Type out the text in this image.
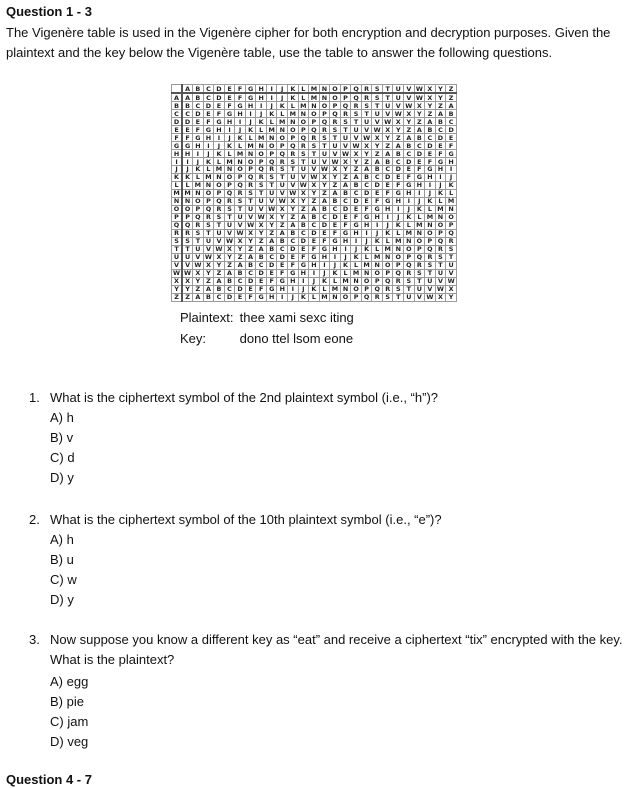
Question 1 - 3
The Vigenère table is used in the Vigenère cipher for both encryption and decryption purposes. Given the plaintext and the key below the Vigenère table, use the table to answer the following questions.
	A	B	C	D	E	F	G	H	I	J	K	L	M	N	O	P	Q	R	S	T	U	V	W	X	Y	Z
A	A	B	C	D	E	F	G	H	I	J	K	L	M	N	O	P	Q	R	S	T	U	V	W	X	Y	Z
B	B	C	D	E	F	G	H	I	J	K	L	M	N	O	P	Q	R	S	T	U	V	W	X	Y	Z	A
C	C	D	E	F	G	H	I	J	K	L	M	N	O	P	Q	R	S	T	U	V	W	X	Y	Z	A	B
D	D	E	F	G	H	I	J	K	L	M	N	O	P	Q	R	S	T	U	V	W	X	Y	Z	A	B	C
E	E	F	G	H	I	J	K	L	M	N	O	P	Q	R	S	T	U	V	W	X	Y	Z	A	B	C	D
F	F	G	H	I	J	K	L	M	N	O	P	Q	R	S	T	U	V	W	X	Y	Z	A	B	C	D	E
G	G	H	I	J	K	L	M	N	O	P	Q	R	S	T	U	V	W	X	Y	Z	A	B	C	D	E	F
H	H	I	J	K	L	M	N	O	P	Q	R	S	T	U	V	W	X	Y	Z	A	B	C	D	E	F	G
I	I	J	K	L	M	N	O	P	Q	R	S	T	U	V	W	X	Y	Z	A	B	C	D	E	F	G	H
J	J	K	L	M	N	O	P	Q	R	S	T	U	V	W	X	Y	Z	A	B	C	D	E	F	G	H	I
K	K	L	M	N	O	P	Q	R	S	T	U	V	W	X	Y	Z	A	B	C	D	E	F	G	H	I	J
L	L	M	N	O	P	Q	R	S	T	U	V	W	X	Y	Z	A	B	C	D	E	F	G	H	I	J	K
M	M	N	O	P	Q	R	S	T	U	V	W	X	Y	Z	A	B	C	D	E	F	G	H	I	J	K	L
N	N	O	P	Q	R	S	T	U	V	W	X	Y	Z	A	B	C	D	E	F	G	H	I	J	K	L	M
O	O	P	Q	R	S	T	U	V	W	X	Y	Z	A	B	C	D	E	F	G	H	I	J	K	L	M	N
P	P	Q	R	S	T	U	V	W	X	Y	Z	A	B	C	D	E	F	G	H	I	J	K	L	M	N	O
Q	Q	R	S	T	U	V	W	X	Y	Z	A	B	C	D	E	F	G	H	I	J	K	L	M	N	O	P
R	R	S	T	U	V	W	X	Y	Z	A	B	C	D	E	F	G	H	I	J	K	L	M	N	O	P	Q
S	S	T	U	V	W	X	Y	Z	A	B	C	D	E	F	G	H	I	J	K	L	M	N	O	P	Q	R
T	T	U	V	W	X	Y	Z	A	B	C	D	E	F	G	H	I	J	K	L	M	N	O	P	Q	R	S
U	U	V	W	X	Y	Z	A	B	C	D	E	F	G	H	I	J	K	L	M	N	O	P	Q	R	S	T
V	V	W	X	Y	Z	A	B	C	D	E	F	G	H	I	J	K	L	M	N	O	P	Q	R	S	T	U
W	W	X	Y	Z	A	B	C	D	E	F	G	H	I	J	K	L	M	N	O	P	Q	R	S	T	U	V
X	X	Y	Z	A	B	C	D	E	F	G	H	I	J	K	L	M	N	O	P	Q	R	S	T	U	V	W
Y	Y	Z	A	B	C	D	E	F	G	H	I	J	K	L	M	N	O	P	Q	R	S	T	U	V	W	X
Z	Z	A	B	C	D	E	F	G	H	I	J	K	L	M	N	O	P	Q	R	S	T	U	V	W	X	Y
Plaintext: thee xami sexc iting
Key:	dono ttel lsom eone
1. What is the ciphertext symbol of the 2nd plaintext symbol (i.e., “h”)?
A) h
B) v
C) d
D) y
2. What is the ciphertext symbol of the 10th plaintext symbol (i.e., “e”)?
A) h
B) u
C) w
D) y
3. Now suppose you know a different key as “eat” and receive a ciphertext “tix” encrypted with the key. What is the plaintext?
A) egg
B) pie
C) jam
D) veg
Question 4 - 7
